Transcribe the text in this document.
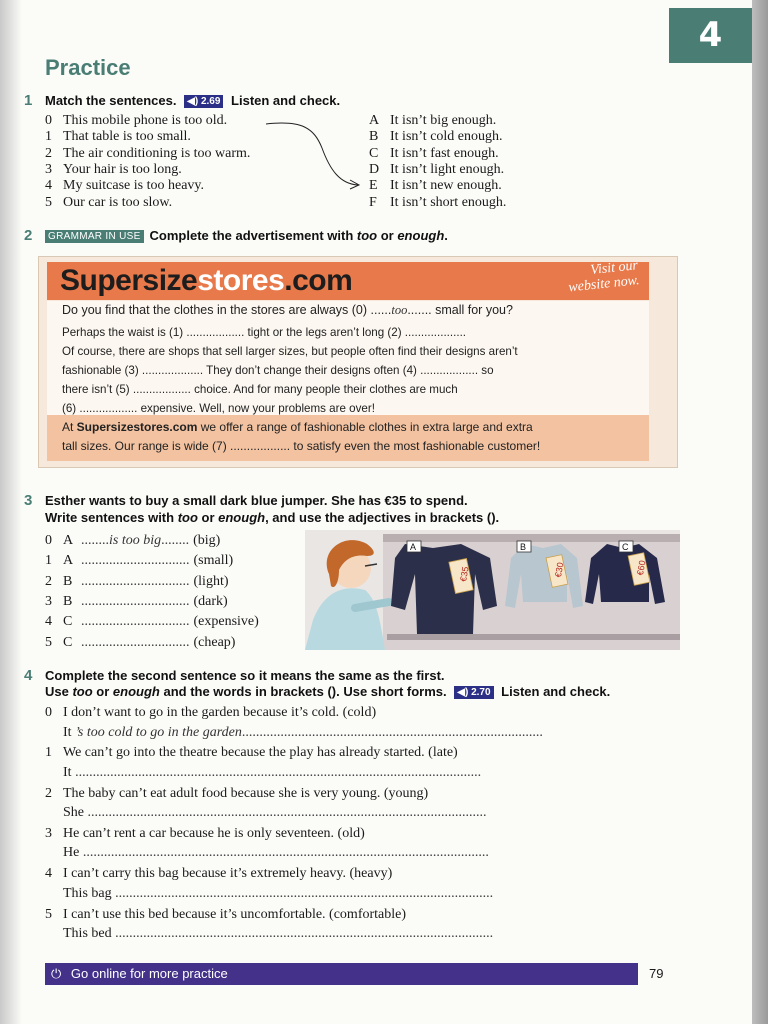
4
Practice
1 Match the sentences. ◀) 2.69 Listen and check.
0 This mobile phone is too old.
1 That table is too small.
2 The air conditioning is too warm.
3 Your hair is too long.
4 My suitcase is too heavy.
5 Our car is too slow.
A It isn’t big enough.
B It isn’t cold enough.
C It isn’t fast enough.
D It isn’t light enough.
E It isn’t new enough.
F It isn’t short enough.
2	GRAMMAR IN USE Complete the advertisement with too or enough.
Supersizestores.com	Visit our
website now.
Do you find that the clothes in the stores are always (0) ......too....... small for you?
Perhaps the waist is (1) .................. tight or the legs aren’t long (2) ...................
Of course, there are shops that sell larger sizes, but people often find their designs aren’t
fashionable (3) ................... They don’t change their designs often (4) .................. so
there isn’t (5) .................. choice. And for many people their clothes are much
(6) .................. expensive. Well, now your problems are over!
At Supersizestores.com we offer a range of fashionable clothes in extra large and extra
tall sizes. Our range is wide (7) .................. to satisfy even the most fashionable customer!
3 Esther wants to buy a small dark blue jumper. She has €35 to spend.
Write sentences with too or enough, and use the adjectives in brackets ().
0 A ........is too big........ (big)
1 A ............................... (small)
2 B ............................... (light)
3 B ............................... (dark)
4 C ............................... (expensive)
5 C ............................... (cheap)
A
€35
B
€30
C
€60
4 Complete the second sentence so it means the same as the first.
Use too or enough and the words in brackets (). Use short forms. ◀) 2.70 Listen and check.
0 I don’t want to go in the garden because it’s cold. (cold)
It ’s too cold to go in the garden......................................................................................
1 We can’t go into the theatre because the play has already started. (late)
It ....................................................................................................................
2 The baby can’t eat adult food because she is very young. (young)
She ..................................................................................................................
3 He can’t rent a car because he is only seventeen. (old)
He ....................................................................................................................
4 I can’t carry this bag because it’s extremely heavy. (heavy)
This bag ............................................................................................................
5 I can’t use this bed because it’s uncomfortable. (comfortable)
This bed ............................................................................................................
⏻ Go online for more practice	79
